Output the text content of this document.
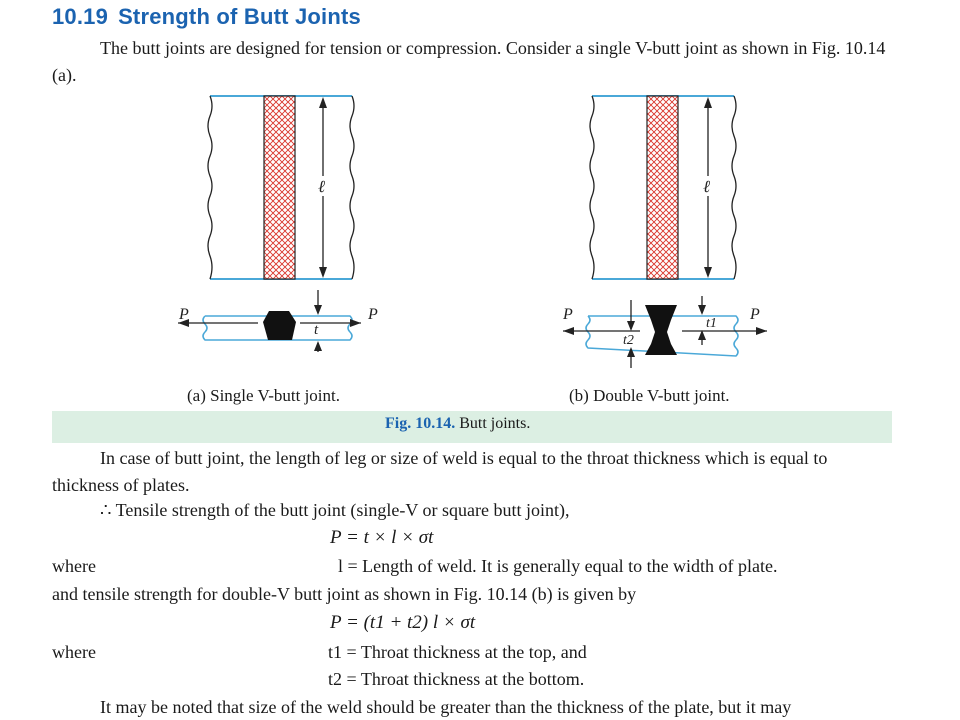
10.19 Strength of Butt Joints
The butt joints are designed for tension or compression. Consider a single V-butt joint as shown in Fig. 10.14 (a).
ℓ
P	P
t
ℓ
P	P
t1
t2
(a) Single V-butt joint.	(b) Double V-butt joint.
Fig. 10.14. Butt joints.
In case of butt joint, the length of leg or size of weld is equal to the throat thickness which is equal to thickness of plates.
∴ Tensile strength of the butt joint (single-V or square butt joint),
P = t × l × σt
where	l = Length of weld. It is generally equal to the width of plate.
and tensile strength for double-V butt joint as shown in Fig. 10.14 (b) is given by
P = (t1 + t2) l × σt
where	t1 = Throat thickness at the top, and
t2 = Throat thickness at the bottom.
It may be noted that size of the weld should be greater than the thickness of the plate, but it may
